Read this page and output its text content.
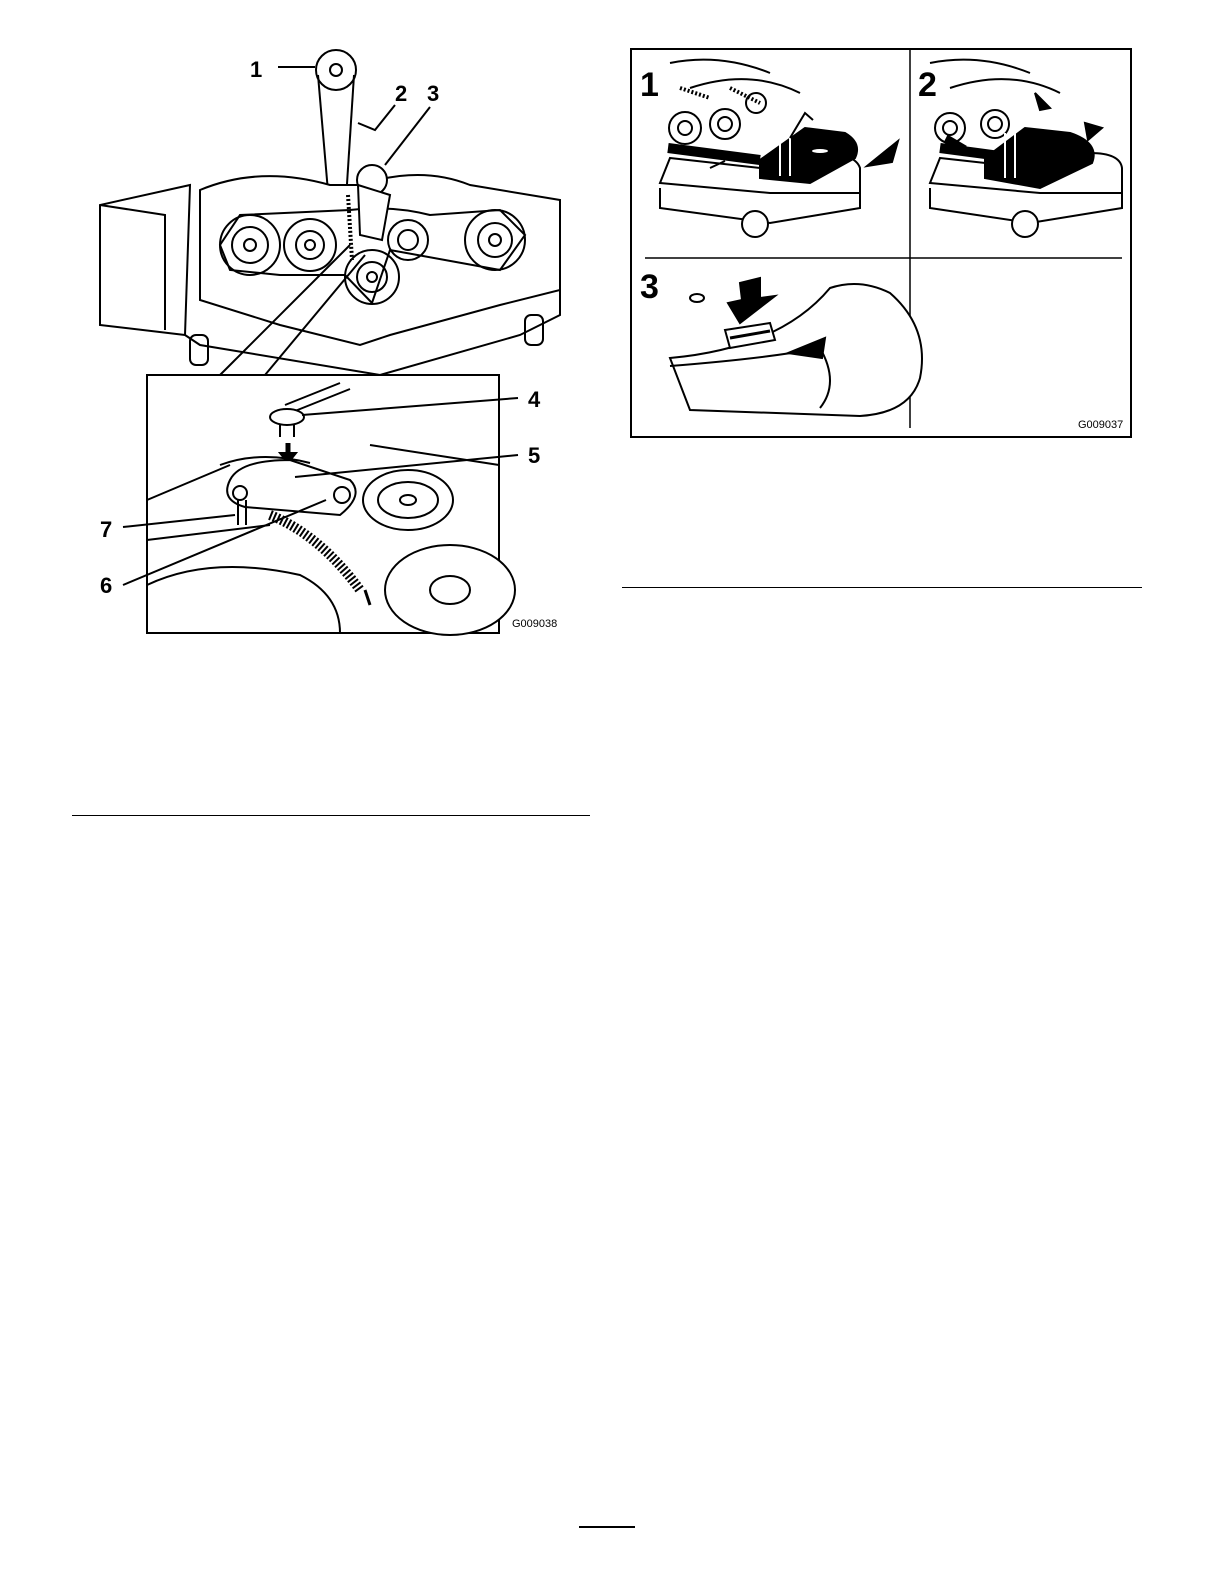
1
2 3
4
5
6
7
G009038
1	2
3
G009037
